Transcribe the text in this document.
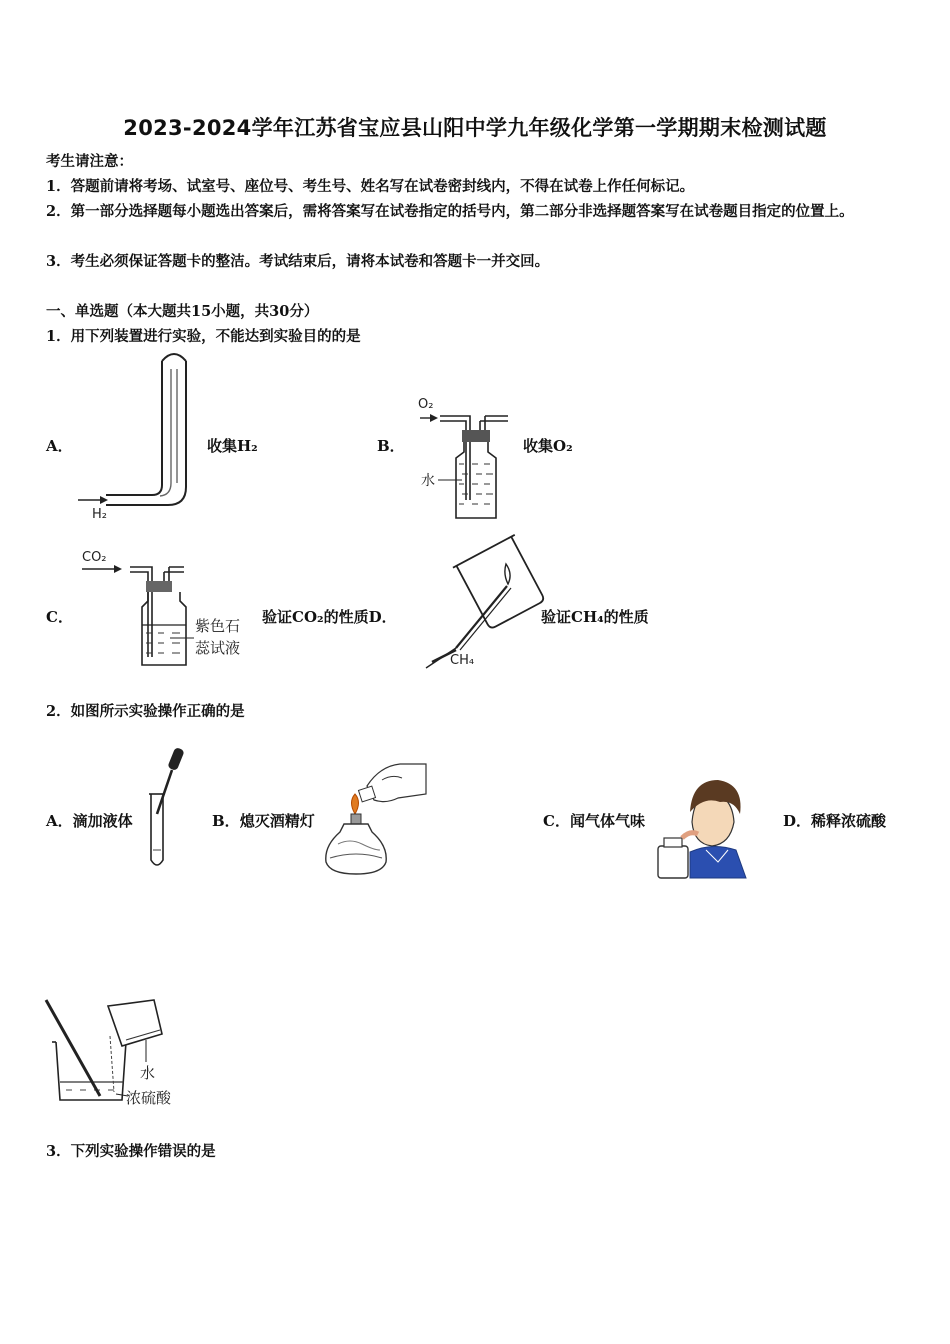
2023-2024学年江苏省宝应县山阳中学九年级化学第一学期期末检测试题
考生请注意：
1．答题前请将考场、试室号、座位号、考生号、姓名写在试卷密封线内，不得在试卷上作任何标记。
2．第一部分选择题每小题选出答案后，需将答案写在试卷指定的括号内，第二部分非选择题答案写在试卷题目指定的位置上。
3．考生必须保证答题卡的整洁。考试结束后，请将本试卷和答题卡一并交回。
一、单选题（本大题共15小题，共30分）
1．用下列装置进行实验，不能达到实验目的的是
A．
H₂
收集H₂	B．
O₂
水
收集O₂
C．
CO₂
紫色石
蕊试液
验证CO₂的性质D．
CH₄
验证CH₄的性质
2．如图所示实验操作正确的是
A．滴加液体	B．熄灭酒精灯	C．闻气体气味	D．稀释浓硫酸
水
浓硫酸
3．下列实验操作错误的是
